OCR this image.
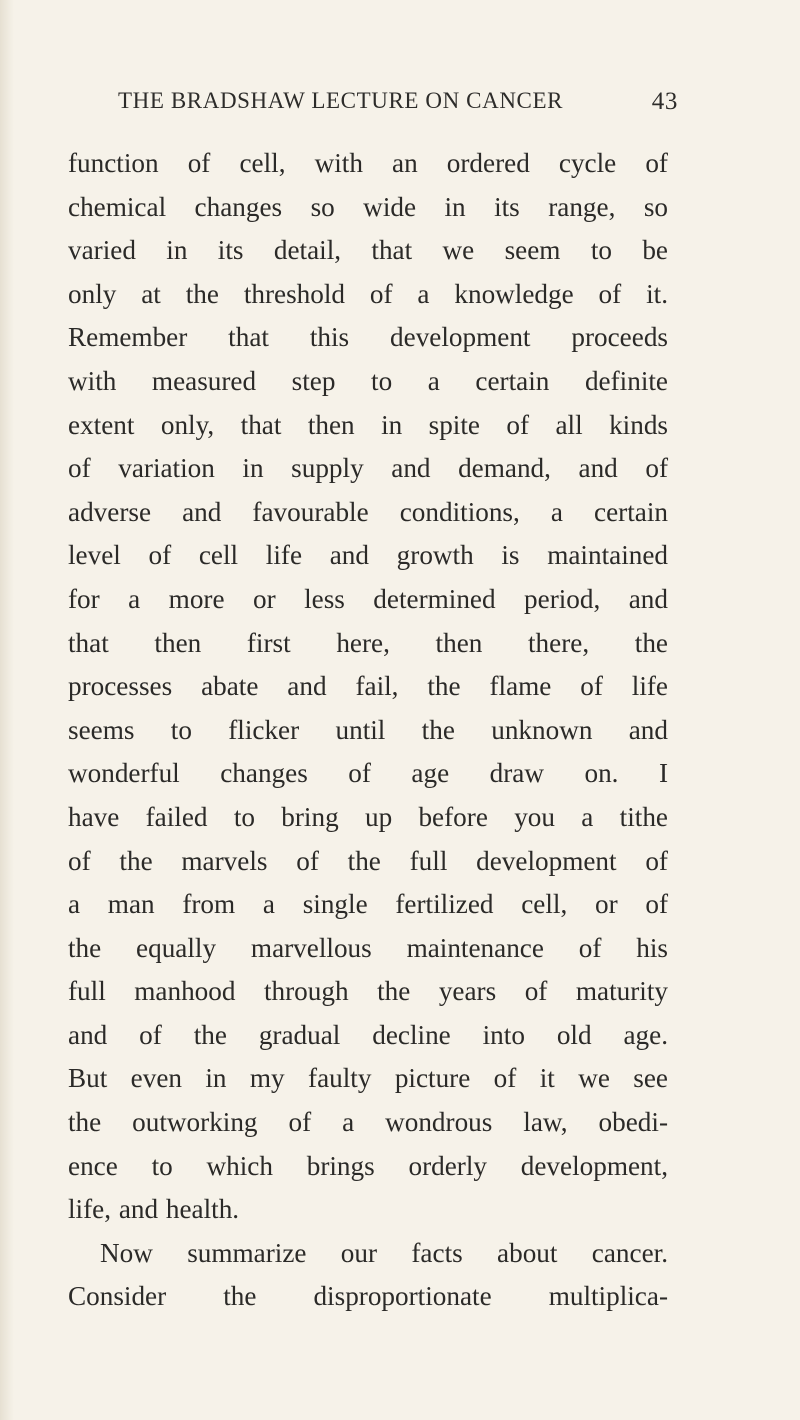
THE BRADSHAW LECTURE ON CANCER	43
function of cell, with an ordered cycle of
chemical changes so wide in its range, so
varied in its detail, that we seem to be
only at the threshold of a knowledge of it.
Remember that this development proceeds
with measured step to a certain definite
extent only, that then in spite of all kinds
of variation in supply and demand, and of
adverse and favourable conditions, a certain
level of cell life and growth is maintained
for a more or less determined period, and
that then first here, then there, the
processes abate and fail, the flame of life
seems to flicker until the unknown and
wonderful changes of age draw on. I
have failed to bring up before you a tithe
of the marvels of the full development of
a man from a single fertilized cell, or of
the equally marvellous maintenance of his
full manhood through the years of maturity
and of the gradual decline into old age.
But even in my faulty picture of it we see
the outworking of a wondrous law, obedi-
ence to which brings orderly development,
life, and health.
Now summarize our facts about cancer.
Consider the disproportionate multiplica-
